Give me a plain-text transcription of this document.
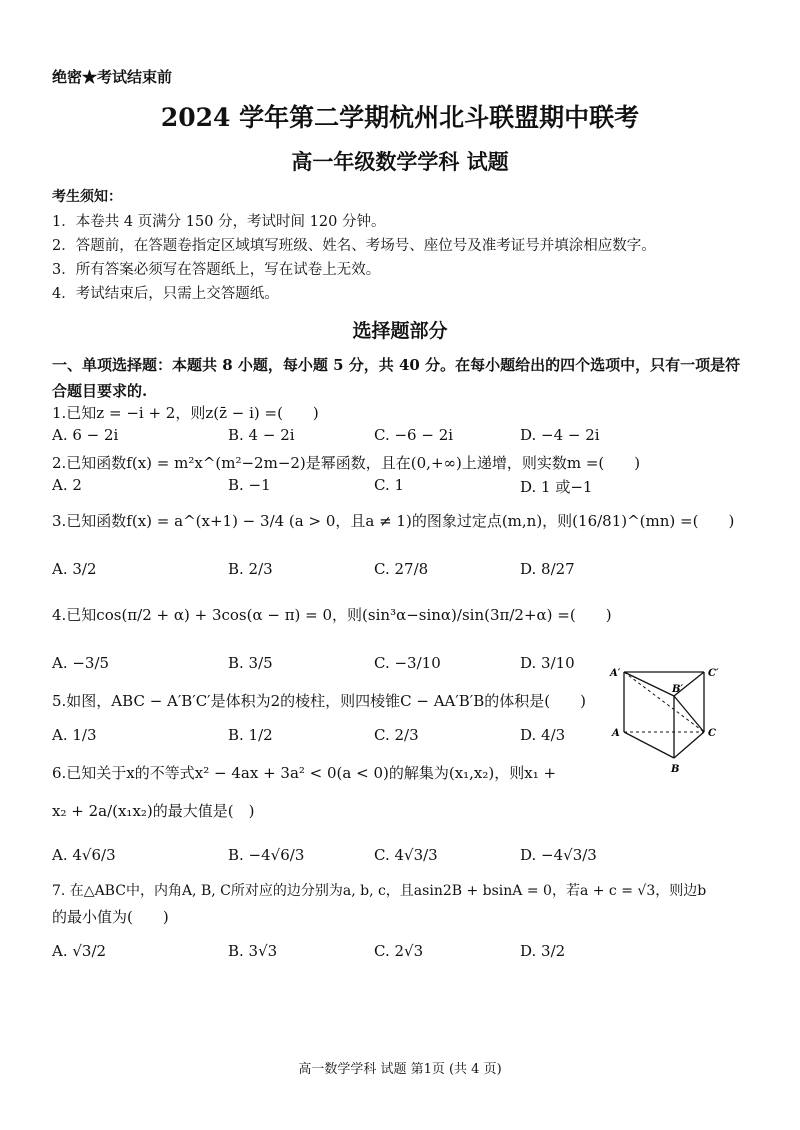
绝密★考试结束前
2024 学年第二学期杭州北斗联盟期中联考
高一年级数学学科 试题
考生须知：
1．本卷共 4 页满分 150 分，考试时间 120 分钟。
2．答题前，在答题卷指定区域填写班级、姓名、考场号、座位号及准考证号并填涂相应数字。
3．所有答案必须写在答题纸上，写在试卷上无效。
4．考试结束后，只需上交答题纸。
选择题部分
一、单项选择题：本题共 8 小题，每小题 5 分，共 40 分。在每小题给出的四个选项中，只有一项是符合题目要求的.
1.已知z = −i + 2，则z(z̄ − i) =(　　)
A. 6 − 2i	B. 4 − 2i	C. −6 − 2i	D. −4 − 2i
2.已知函数f(x) = m²x^(m²−2m−2)是幂函数，且在(0,+∞)上递增，则实数m =(　　)
A. 2	B. −1	C. 1	D. 1 或−1
3.已知函数f(x) = a^(x+1) − 3/4 (a > 0，且a ≠ 1)的图象过定点(m,n)，则(16/81)^(mn) =(　　)
A. 3/2	B. 2/3	C. 27/8	D. 8/27
4.已知cos(π/2 + α) + 3cos(α − π) = 0，则(sin³α−sinα)/sin(3π/2+α) =(　　)
A. −3/5	B. 3/5	C. −3/10	D. 3/10
5.如图，ABC − A′B′C′是体积为2的棱柱，则四棱锥C − AA′B′B的体积是(　　)
A. 1/3	B. 1/2	C. 2/3	D. 4/3
A′
B′
C′
A
B
C
6.已知关于x的不等式x² − 4ax + 3a² < 0(a < 0)的解集为(x₁,x₂)，则x₁ +
x₂ + 2a/(x₁x₂)的最大值是(　)
A. 4√6/3	B. −4√6/3	C. 4√3/3	D. −4√3/3
7. 在△ABC中，内角A, B, C所对应的边分别为a, b, c，且asin2B + bsinA = 0，若a + c = √3，则边b
的最小值为(　　)
A. √3/2	B. 3√3	C. 2√3	D. 3/2
高一数学学科 试题 第1页 (共 4 页)
